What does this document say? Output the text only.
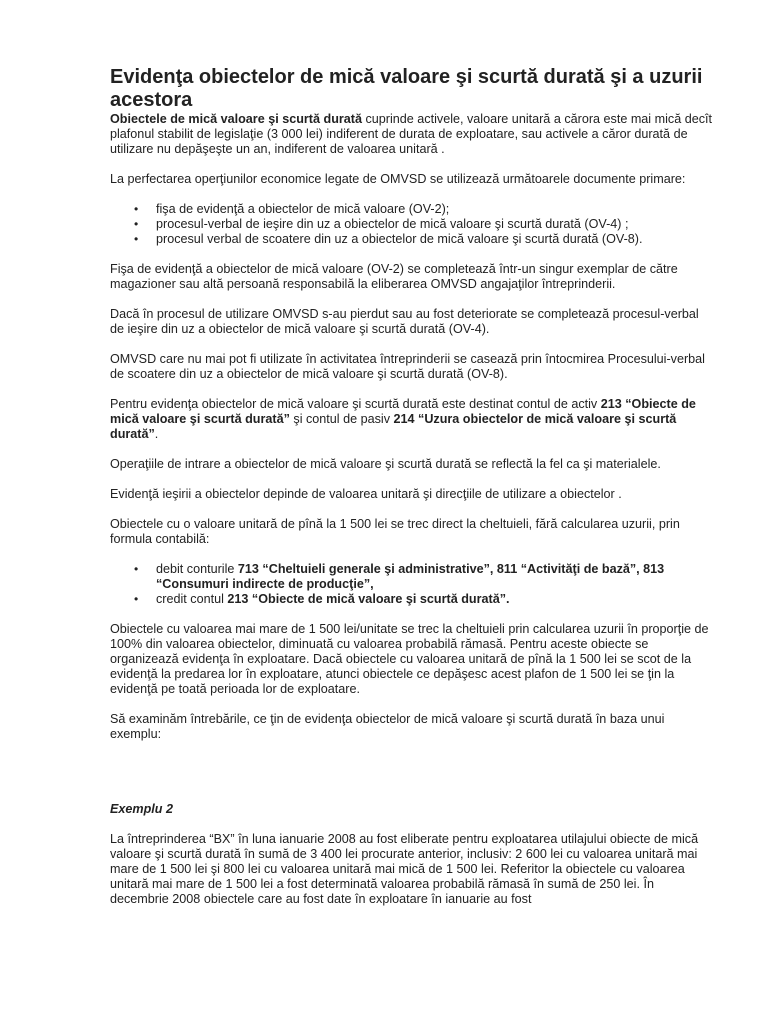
Evidenţa obiectelor de mică valoare şi scurtă durată şi a uzurii acestora

Obiectele de mică valoare şi scurtă durată cuprinde activele, valoare unitară a cărora este mai mică decît plafonul stabilit de legislaţie (3 000 lei) indiferent de durata de exploatare, sau activele a căror durată de utilizare nu depăşeşte un an, indiferent de valoarea unitară .

La perfectarea operţiunilor economice legate de OMVSD se utilizează următoarele documente primare:

• fişa de evidenţă a obiectelor de mică valoare (OV-2);
• procesul-verbal de ieşire din uz a obiectelor de mică valoare şi scurtă durată (OV-4) ;
• procesul verbal de scoatere din uz a obiectelor de mică valoare şi scurtă durată (OV-8).

Fişa de evidenţă a obiectelor de mică valoare (OV-2) se completează într-un singur exemplar de către magazioner sau altă persoană responsabilă la eliberarea OMVSD angajaţilor întreprinderii.

Dacă în procesul de utilizare OMVSD s-au pierdut sau au fost deteriorate se completează procesul-verbal de ieşire din uz a obiectelor de mică valoare şi scurtă durată (OV-4).

OMVSD care nu mai pot fi utilizate în activitatea întreprinderii se casează prin întocmirea Procesului-verbal de scoatere din uz a obiectelor de mică valoare şi scurtă durată (OV-8).

Pentru evidenţa obiectelor de mică valoare şi scurtă durată este destinat contul de activ 213 “Obiecte de mică valoare şi scurtă durată” şi contul de pasiv 214 “Uzura obiectelor de mică valoare şi scurtă durată”.

Operaţiile de intrare a obiectelor de mică valoare şi scurtă durată se reflectă la fel ca şi materialele.

Evidenţă ieşirii a obiectelor depinde de valoarea unitară şi direcţiile de utilizare a obiectelor .

Obiectele cu o valoare unitară de pînă la 1 500 lei se trec direct la cheltuieli, fără calcularea uzurii, prin formula contabilă:

• debit conturile 713 “Cheltuieli generale şi administrative”, 811 “Activităţi de bază”, 813 “Consumuri indirecte de producţie”,
• credit contul 213 “Obiecte de mică valoare şi scurtă durată”.

Obiectele cu valoarea mai mare de 1 500 lei/unitate se trec la cheltuieli prin calcularea uzurii în proporţie de 100% din valoarea obiectelor, diminuată cu valoarea probabilă rămasă. Pentru aceste obiecte se organizează evidenţa în exploatare. Dacă obiectele cu valoarea unitară de pînă la 1 500 lei se scot de la evidenţă la predarea lor în exploatare, atunci obiectele ce depăşesc acest plafon de 1 500 lei se ţin la evidenţă pe toată perioada lor de exploatare.

Să examinăm întrebările, ce ţin de evidenţa obiectelor de mică valoare şi scurtă durată în baza unui exemplu:

Exemplu 2

La întreprinderea “BX” în luna ianuarie 2008 au fost eliberate pentru exploatarea utilajului obiecte de mică valoare şi scurtă durată în sumă de 3 400 lei procurate anterior, inclusiv: 2 600 lei cu valoarea unitară mai mare de 1 500 lei şi 800 lei cu valoarea unitară mai mică de 1 500 lei. Referitor la obiectele cu valoarea unitară mai mare de 1 500 lei a fost determinată valoarea probabilă rămasă în sumă de 250 lei. În decembrie 2008 obiectele care au fost date în exploatare în ianuarie au fost
